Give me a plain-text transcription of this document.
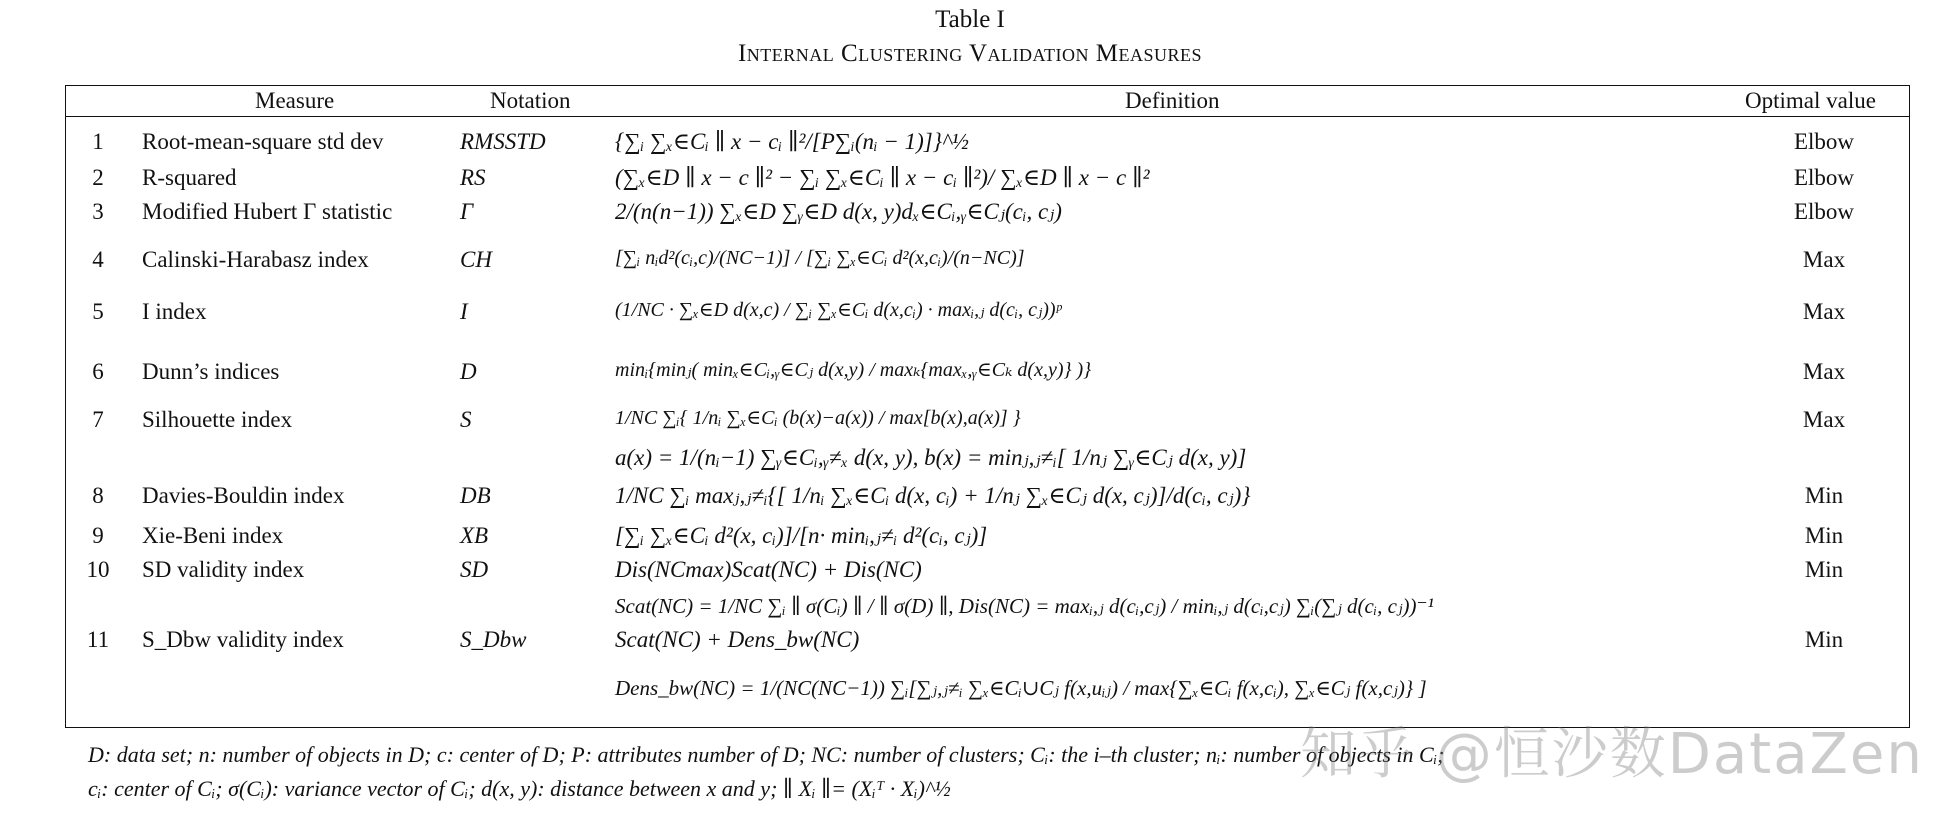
Table I
Internal Clustering Validation Measures
Measure	Notation	Definition	Optimal value
1	Root-mean-square std dev	RMSSTD	{∑ᵢ ∑ₓ∈Cᵢ ∥ x − cᵢ ∥²/[P∑ᵢ(nᵢ − 1)]}^½	Elbow
2	R-squared	RS	(∑ₓ∈D ∥ x − c ∥² − ∑ᵢ ∑ₓ∈Cᵢ ∥ x − cᵢ ∥²)/ ∑ₓ∈D ∥ x − c ∥²	Elbow
3	Modified Hubert Γ statistic	Γ	2/(n(n−1)) ∑ₓ∈D ∑ᵧ∈D d(x, y)dₓ∈Cᵢ,ᵧ∈Cⱼ(cᵢ, cⱼ)	Elbow
4	Calinski-Harabasz index	CH	[∑ᵢ nᵢd²(cᵢ,c)/(NC−1)] / [∑ᵢ ∑ₓ∈Cᵢ d²(x,cᵢ)/(n−NC)]	Max
5	I index	I	(1/NC · ∑ₓ∈D d(x,c) / ∑ᵢ ∑ₓ∈Cᵢ d(x,cᵢ) · maxᵢ,ⱼ d(cᵢ, cⱼ))ᵖ	Max
6	Dunn’s indices	D	minᵢ{minⱼ( minₓ∈Cᵢ,ᵧ∈Cⱼ d(x,y) / maxₖ{maxₓ,ᵧ∈Cₖ d(x,y)} )}	Max
7	Silhouette index	S	1/NC ∑ᵢ{ 1/nᵢ ∑ₓ∈Cᵢ (b(x)−a(x)) / max[b(x),a(x)] }	Max
a(x) = 1/(nᵢ−1) ∑ᵧ∈Cᵢ,ᵧ≠ₓ d(x, y), b(x) = minⱼ,ⱼ≠ᵢ[ 1/nⱼ ∑ᵧ∈Cⱼ d(x, y)]
8	Davies-Bouldin index	DB	1/NC ∑ᵢ maxⱼ,ⱼ≠ᵢ{[ 1/nᵢ ∑ₓ∈Cᵢ d(x, cᵢ) + 1/nⱼ ∑ₓ∈Cⱼ d(x, cⱼ)]/d(cᵢ, cⱼ)}	Min
9	Xie-Beni index	XB	[∑ᵢ ∑ₓ∈Cᵢ d²(x, cᵢ)]/[n· minᵢ,ⱼ≠ᵢ d²(cᵢ, cⱼ)]	Min
10	SD validity index	SD	Dis(NCmax)Scat(NC) + Dis(NC)	Min
Scat(NC) = 1/NC ∑ᵢ ∥ σ(Cᵢ) ∥ / ∥ σ(D) ∥, Dis(NC) = maxᵢ,ⱼ d(cᵢ,cⱼ) / minᵢ,ⱼ d(cᵢ,cⱼ) ∑ᵢ(∑ⱼ d(cᵢ, cⱼ))⁻¹
11	S_Dbw validity index	S_Dbw	Scat(NC) + Dens_bw(NC)	Min
Dens_bw(NC) = 1/(NC(NC−1)) ∑ᵢ[∑ⱼ,ⱼ≠ᵢ ∑ₓ∈Cᵢ∪Cⱼ f(x,uᵢⱼ) / max{∑ₓ∈Cᵢ f(x,cᵢ), ∑ₓ∈Cⱼ f(x,cⱼ)} ]
D: data set; n: number of objects in D; c: center of D; P: attributes number of D; NC: number of clusters; Cᵢ: the i–th cluster; nᵢ: number of objects in Cᵢ;
cᵢ: center of Cᵢ; σ(Cᵢ): variance vector of Cᵢ; d(x, y): distance between x and y; ∥ Xᵢ ∥= (Xᵢᵀ · Xᵢ)^½
知乎 @恒沙数DataZen
